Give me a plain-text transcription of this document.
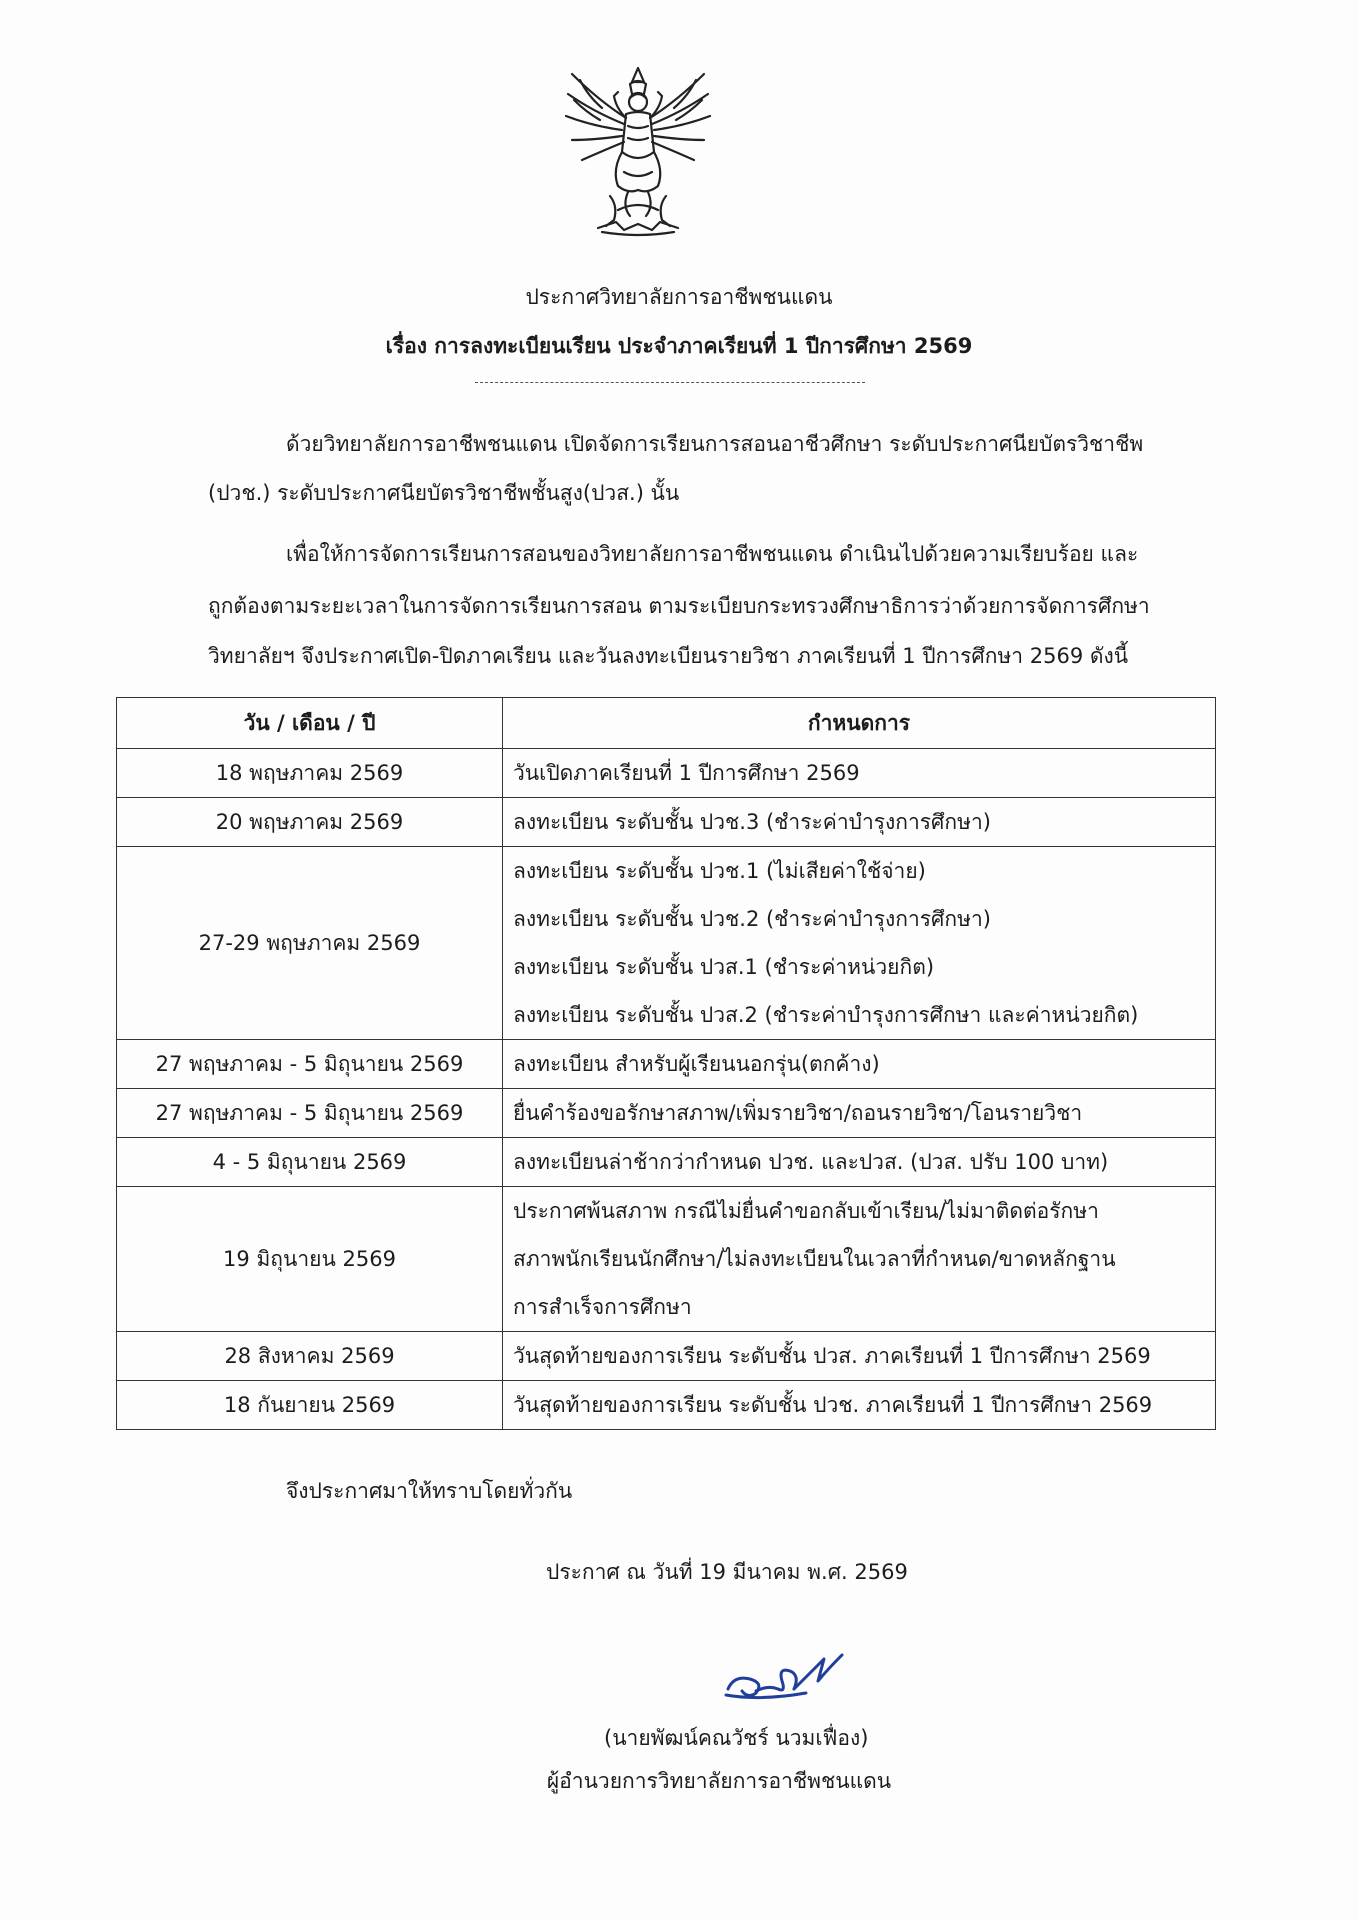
ประกาศวิทยาลัยการอาชีพชนแดน
เรื่อง การลงทะเบียนเรียน ประจำภาคเรียนที่ 1 ปีการศึกษา 2569
ด้วยวิทยาลัยการอาชีพชนแดน เปิดจัดการเรียนการสอนอาชีวศึกษา ระดับประกาศนียบัตรวิชาชีพ
(ปวช.) ระดับประกาศนียบัตรวิชาชีพชั้นสูง(ปวส.) นั้น
เพื่อให้การจัดการเรียนการสอนของวิทยาลัยการอาชีพชนแดน ดำเนินไปด้วยความเรียบร้อย และ
ถูกต้องตามระยะเวลาในการจัดการเรียนการสอน ตามระเบียบกระทรวงศึกษาธิการว่าด้วยการจัดการศึกษา
วิทยาลัยฯ จึงประกาศเปิด-ปิดภาคเรียน และวันลงทะเบียนรายวิชา ภาคเรียนที่ 1 ปีการศึกษา 2569 ดังนี้
วัน / เดือน / ปี	กำหนดการ
18 พฤษภาคม 2569	วันเปิดภาคเรียนที่ 1 ปีการศึกษา 2569

20 พฤษภาคม 2569	ลงทะเบียน ระดับชั้น ปวช.3 (ชำระค่าบำรุงการศึกษา)

27-29 พฤษภาคม 2569	ลงทะเบียน ระดับชั้น ปวช.1 (ไม่เสียค่าใช้จ่าย)
ลงทะเบียน ระดับชั้น ปวช.2 (ชำระค่าบำรุงการศึกษา)
ลงทะเบียน ระดับชั้น ปวส.1 (ชำระค่าหน่วยกิต)
ลงทะเบียน ระดับชั้น ปวส.2 (ชำระค่าบำรุงการศึกษา และค่าหน่วยกิต)

27 พฤษภาคม - 5 มิถุนายน 2569	ลงทะเบียน สำหรับผู้เรียนนอกรุ่น(ตกค้าง)

27 พฤษภาคม - 5 มิถุนายน 2569	ยื่นคำร้องขอรักษาสภาพ/เพิ่มรายวิชา/ถอนรายวิชา/โอนรายวิชา

4 - 5 มิถุนายน 2569	ลงทะเบียนล่าช้ากว่ากำหนด ปวช. และปวส. (ปวส. ปรับ 100 บาท)

19 มิถุนายน 2569	ประกาศพ้นสภาพ กรณีไม่ยื่นคำขอกลับเข้าเรียน/ไม่มาติดต่อรักษา
สภาพนักเรียนนักศึกษา/ไม่ลงทะเบียนในเวลาที่กำหนด/ขาดหลักฐาน
การสำเร็จการศึกษา

28 สิงหาคม 2569	วันสุดท้ายของการเรียน ระดับชั้น ปวส. ภาคเรียนที่ 1 ปีการศึกษา 2569

18 กันยายน 2569	วันสุดท้ายของการเรียน ระดับชั้น ปวช. ภาคเรียนที่ 1 ปีการศึกษา 2569
จึงประกาศมาให้ทราบโดยทั่วกัน
ประกาศ ณ วันที่ 19 มีนาคม พ.ศ. 2569
(นายพัฒน์คณวัชร์ นวมเฟื่อง)
ผู้อำนวยการวิทยาลัยการอาชีพชนแดน
